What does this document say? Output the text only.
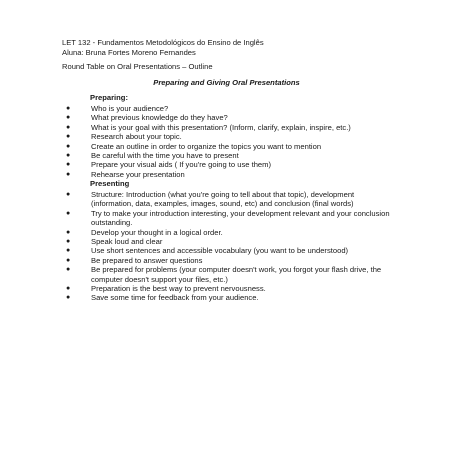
LET 132 - Fundamentos Metodológicos do Ensino de Inglês
Aluna: Bruna Fortes Moreno Fernandes
Round Table on Oral Presentations – Outline
Preparing and Giving Oral Presentations
Preparing:
●	Who is your audience?
●	What previous knowledge do they have?
●	What is your goal with this presentation? (Inform, clarify, explain, inspire, etc.)
●	Research about your topic.
●	Create an outline in order to organize the topics you want to mention
●	Be careful with the time you have to present
●	Prepare your visual aids ( If you're going to use them)
●	Rehearse your presentation
Presenting
●	Structure: Introduction (what you're going to tell about that topic), development (information, data, examples, images, sound, etc) and conclusion (final words)
●	Try to make your introduction interesting, your development relevant and your conclusion outstanding.
●	Develop your thought in a logical order.
●	Speak loud and clear
●	Use short sentences and accessible vocabulary (you want to be understood)
●	Be prepared to answer questions
●	Be prepared for problems (your computer doesn't work, you forgot your flash drive, the computer doesn't support your files, etc.)
●	Preparation is the best way to prevent nervousness.
●	Save some time for feedback from your audience.
